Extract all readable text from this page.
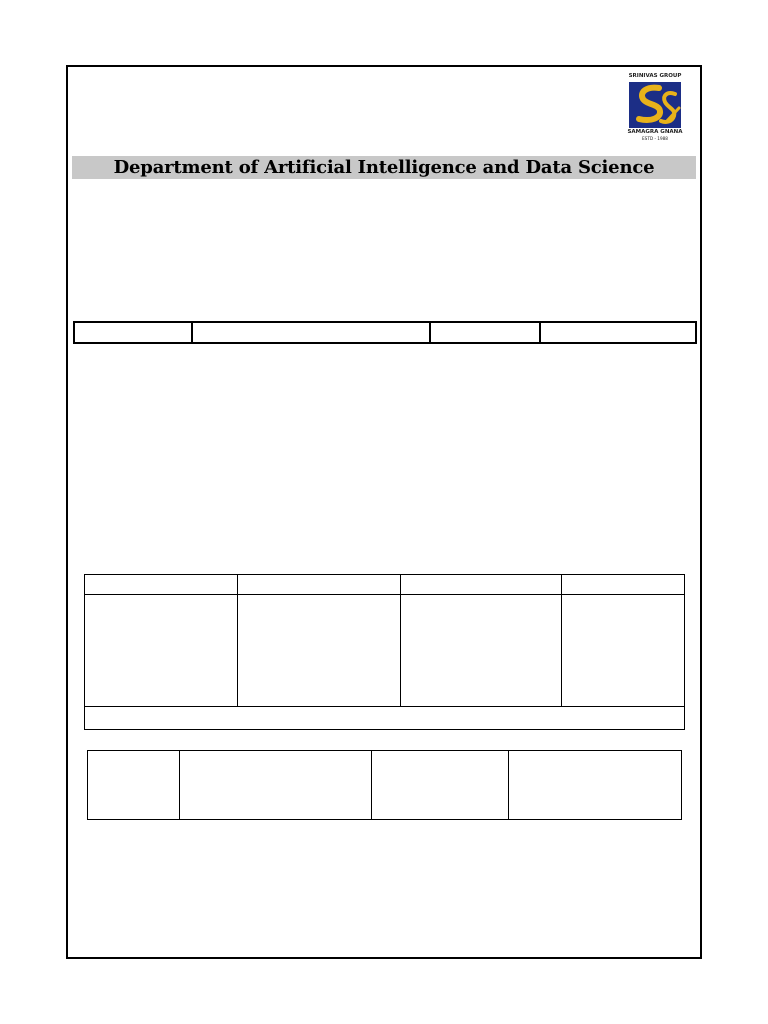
SRINIVAS GROUP
SAMAGRA GNANA
ESTD - 1988
Department of Artificial Intelligence and Data Science
